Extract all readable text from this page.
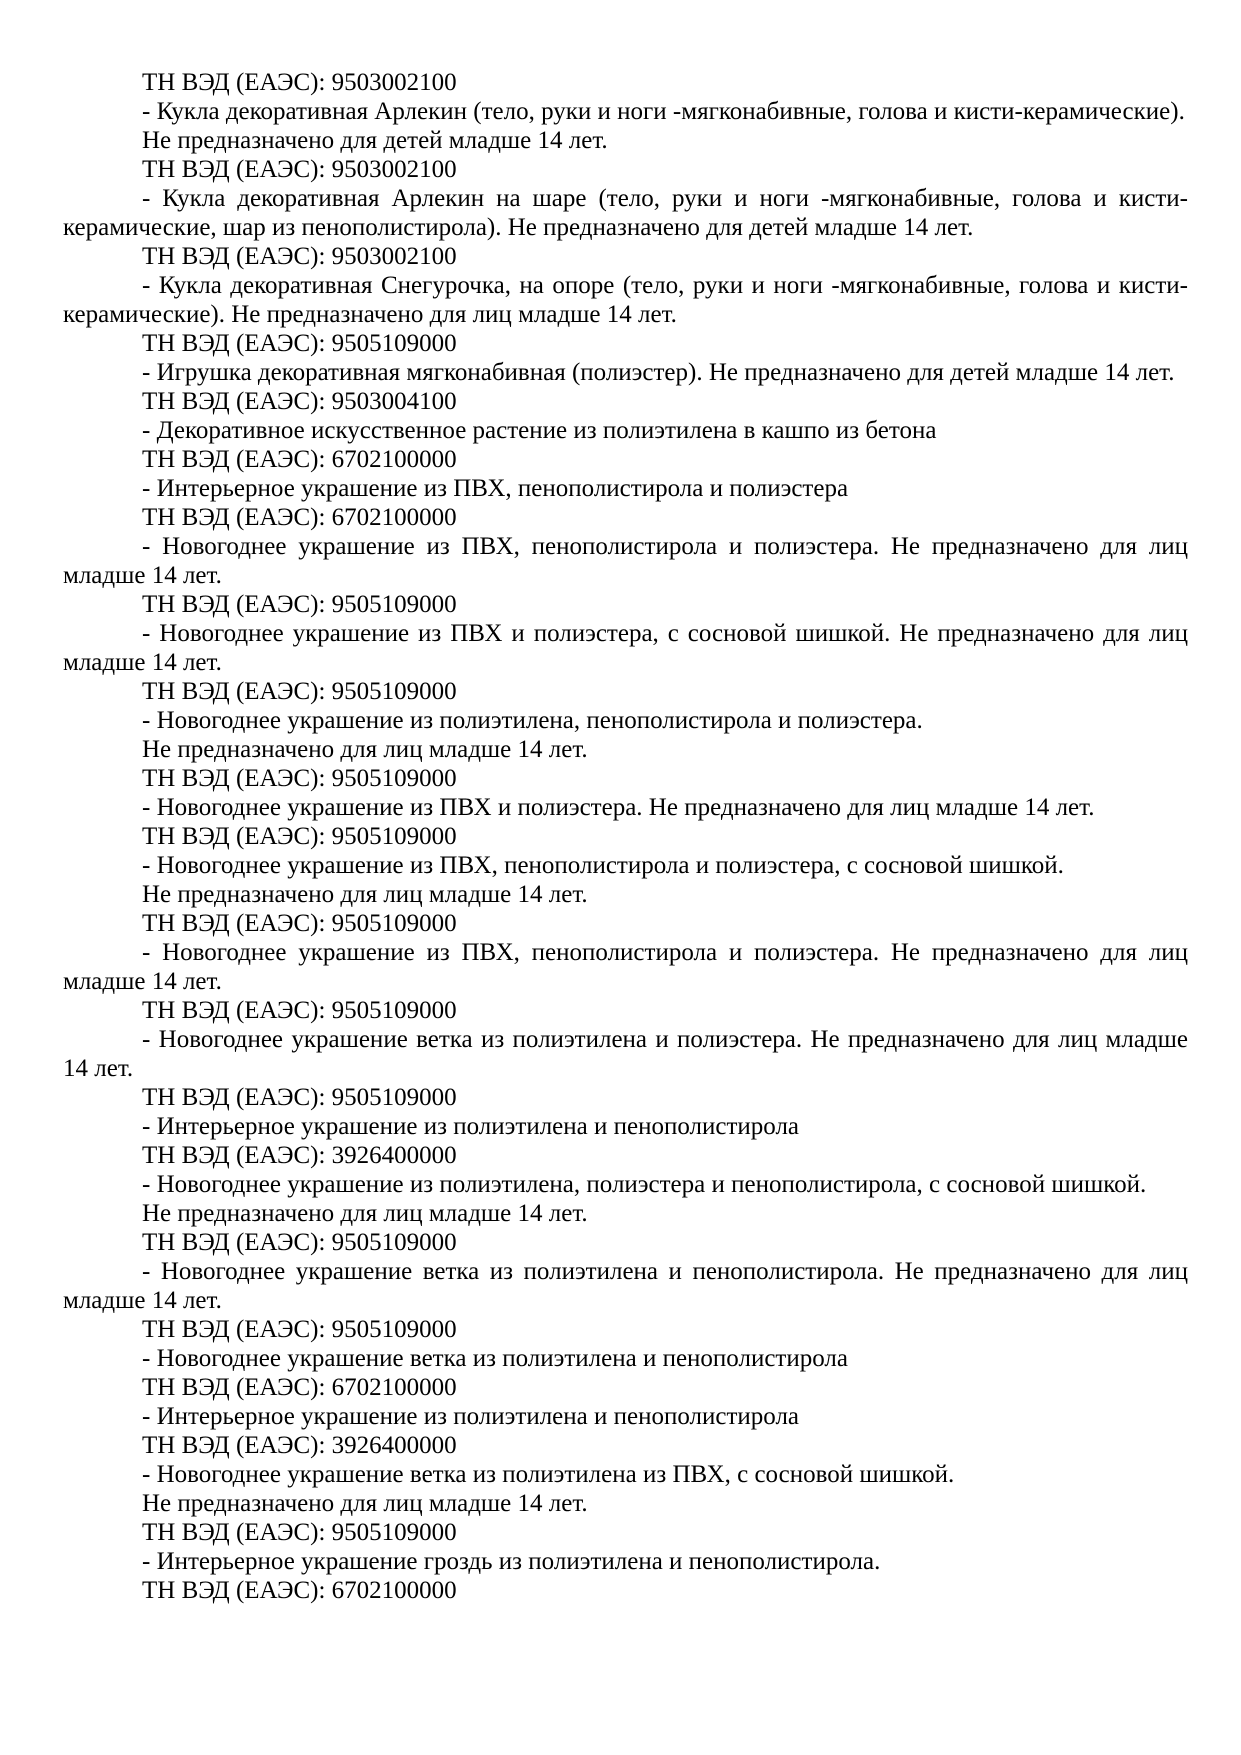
ТН ВЭД (ЕАЭС): 9503002100

- Кукла декоративная Арлекин (тело, руки и ноги -мягконабивные, голова и кисти-керамические).

Не предназначено для детей младше 14 лет.

ТН ВЭД (ЕАЭС): 9503002100

- Кукла декоративная Арлекин на шаре (тело, руки и ноги -мягконабивные, голова и кисти-керамические, шар из пенополистирола). Не предназначено для детей младше 14 лет.

ТН ВЭД (ЕАЭС): 9503002100

- Кукла декоративная Снегурочка, на опоре (тело, руки и ноги -мягконабивные, голова и кисти-керамические). Не предназначено для лиц младше 14 лет.

ТН ВЭД (ЕАЭС): 9505109000

- Игрушка декоративная мягконабивная (полиэстер). Не предназначено для детей младше 14 лет.

ТН ВЭД (ЕАЭС): 9503004100

- Декоративное искусственное растение из полиэтилена в кашпо из бетона

ТН ВЭД (ЕАЭС): 6702100000

- Интерьерное украшение из ПВХ, пенополистирола и полиэстера

ТН ВЭД (ЕАЭС): 6702100000

- Новогоднее украшение из ПВХ, пенополистирола и полиэстера. Не предназначено для лиц младше 14 лет.

ТН ВЭД (ЕАЭС): 9505109000

- Новогоднее украшение из ПВХ и полиэстера, с сосновой шишкой. Не предназначено для лиц младше 14 лет.

ТН ВЭД (ЕАЭС): 9505109000

- Новогоднее украшение из полиэтилена, пенополистирола и полиэстера.

Не предназначено для лиц младше 14 лет.

ТН ВЭД (ЕАЭС): 9505109000

- Новогоднее украшение из ПВХ и полиэстера. Не предназначено для лиц младше 14 лет.

ТН ВЭД (ЕАЭС): 9505109000

- Новогоднее украшение из ПВХ, пенополистирола и полиэстера, с сосновой шишкой.

Не предназначено для лиц младше 14 лет.

ТН ВЭД (ЕАЭС): 9505109000

- Новогоднее украшение из ПВХ, пенополистирола и полиэстера. Не предназначено для лиц младше 14 лет.

ТН ВЭД (ЕАЭС): 9505109000

- Новогоднее украшение ветка из полиэтилена и полиэстера. Не предназначено для лиц младше 14 лет.

ТН ВЭД (ЕАЭС): 9505109000

- Интерьерное украшение из полиэтилена и пенополистирола

ТН ВЭД (ЕАЭС): 3926400000

- Новогоднее украшение из полиэтилена, полиэстера и пенополистирола, с сосновой шишкой.

Не предназначено для лиц младше 14 лет.

ТН ВЭД (ЕАЭС): 9505109000

- Новогоднее украшение ветка из полиэтилена и пенополистирола. Не предназначено для лиц младше 14 лет.

ТН ВЭД (ЕАЭС): 9505109000

- Новогоднее украшение ветка из полиэтилена и пенополистирола

ТН ВЭД (ЕАЭС): 6702100000

- Интерьерное украшение из полиэтилена и пенополистирола

ТН ВЭД (ЕАЭС): 3926400000

- Новогоднее украшение ветка из полиэтилена из ПВХ, с сосновой шишкой.

Не предназначено для лиц младше 14 лет.

ТН ВЭД (ЕАЭС): 9505109000

- Интерьерное украшение гроздь из полиэтилена и пенополистирола.

ТН ВЭД (ЕАЭС): 6702100000
